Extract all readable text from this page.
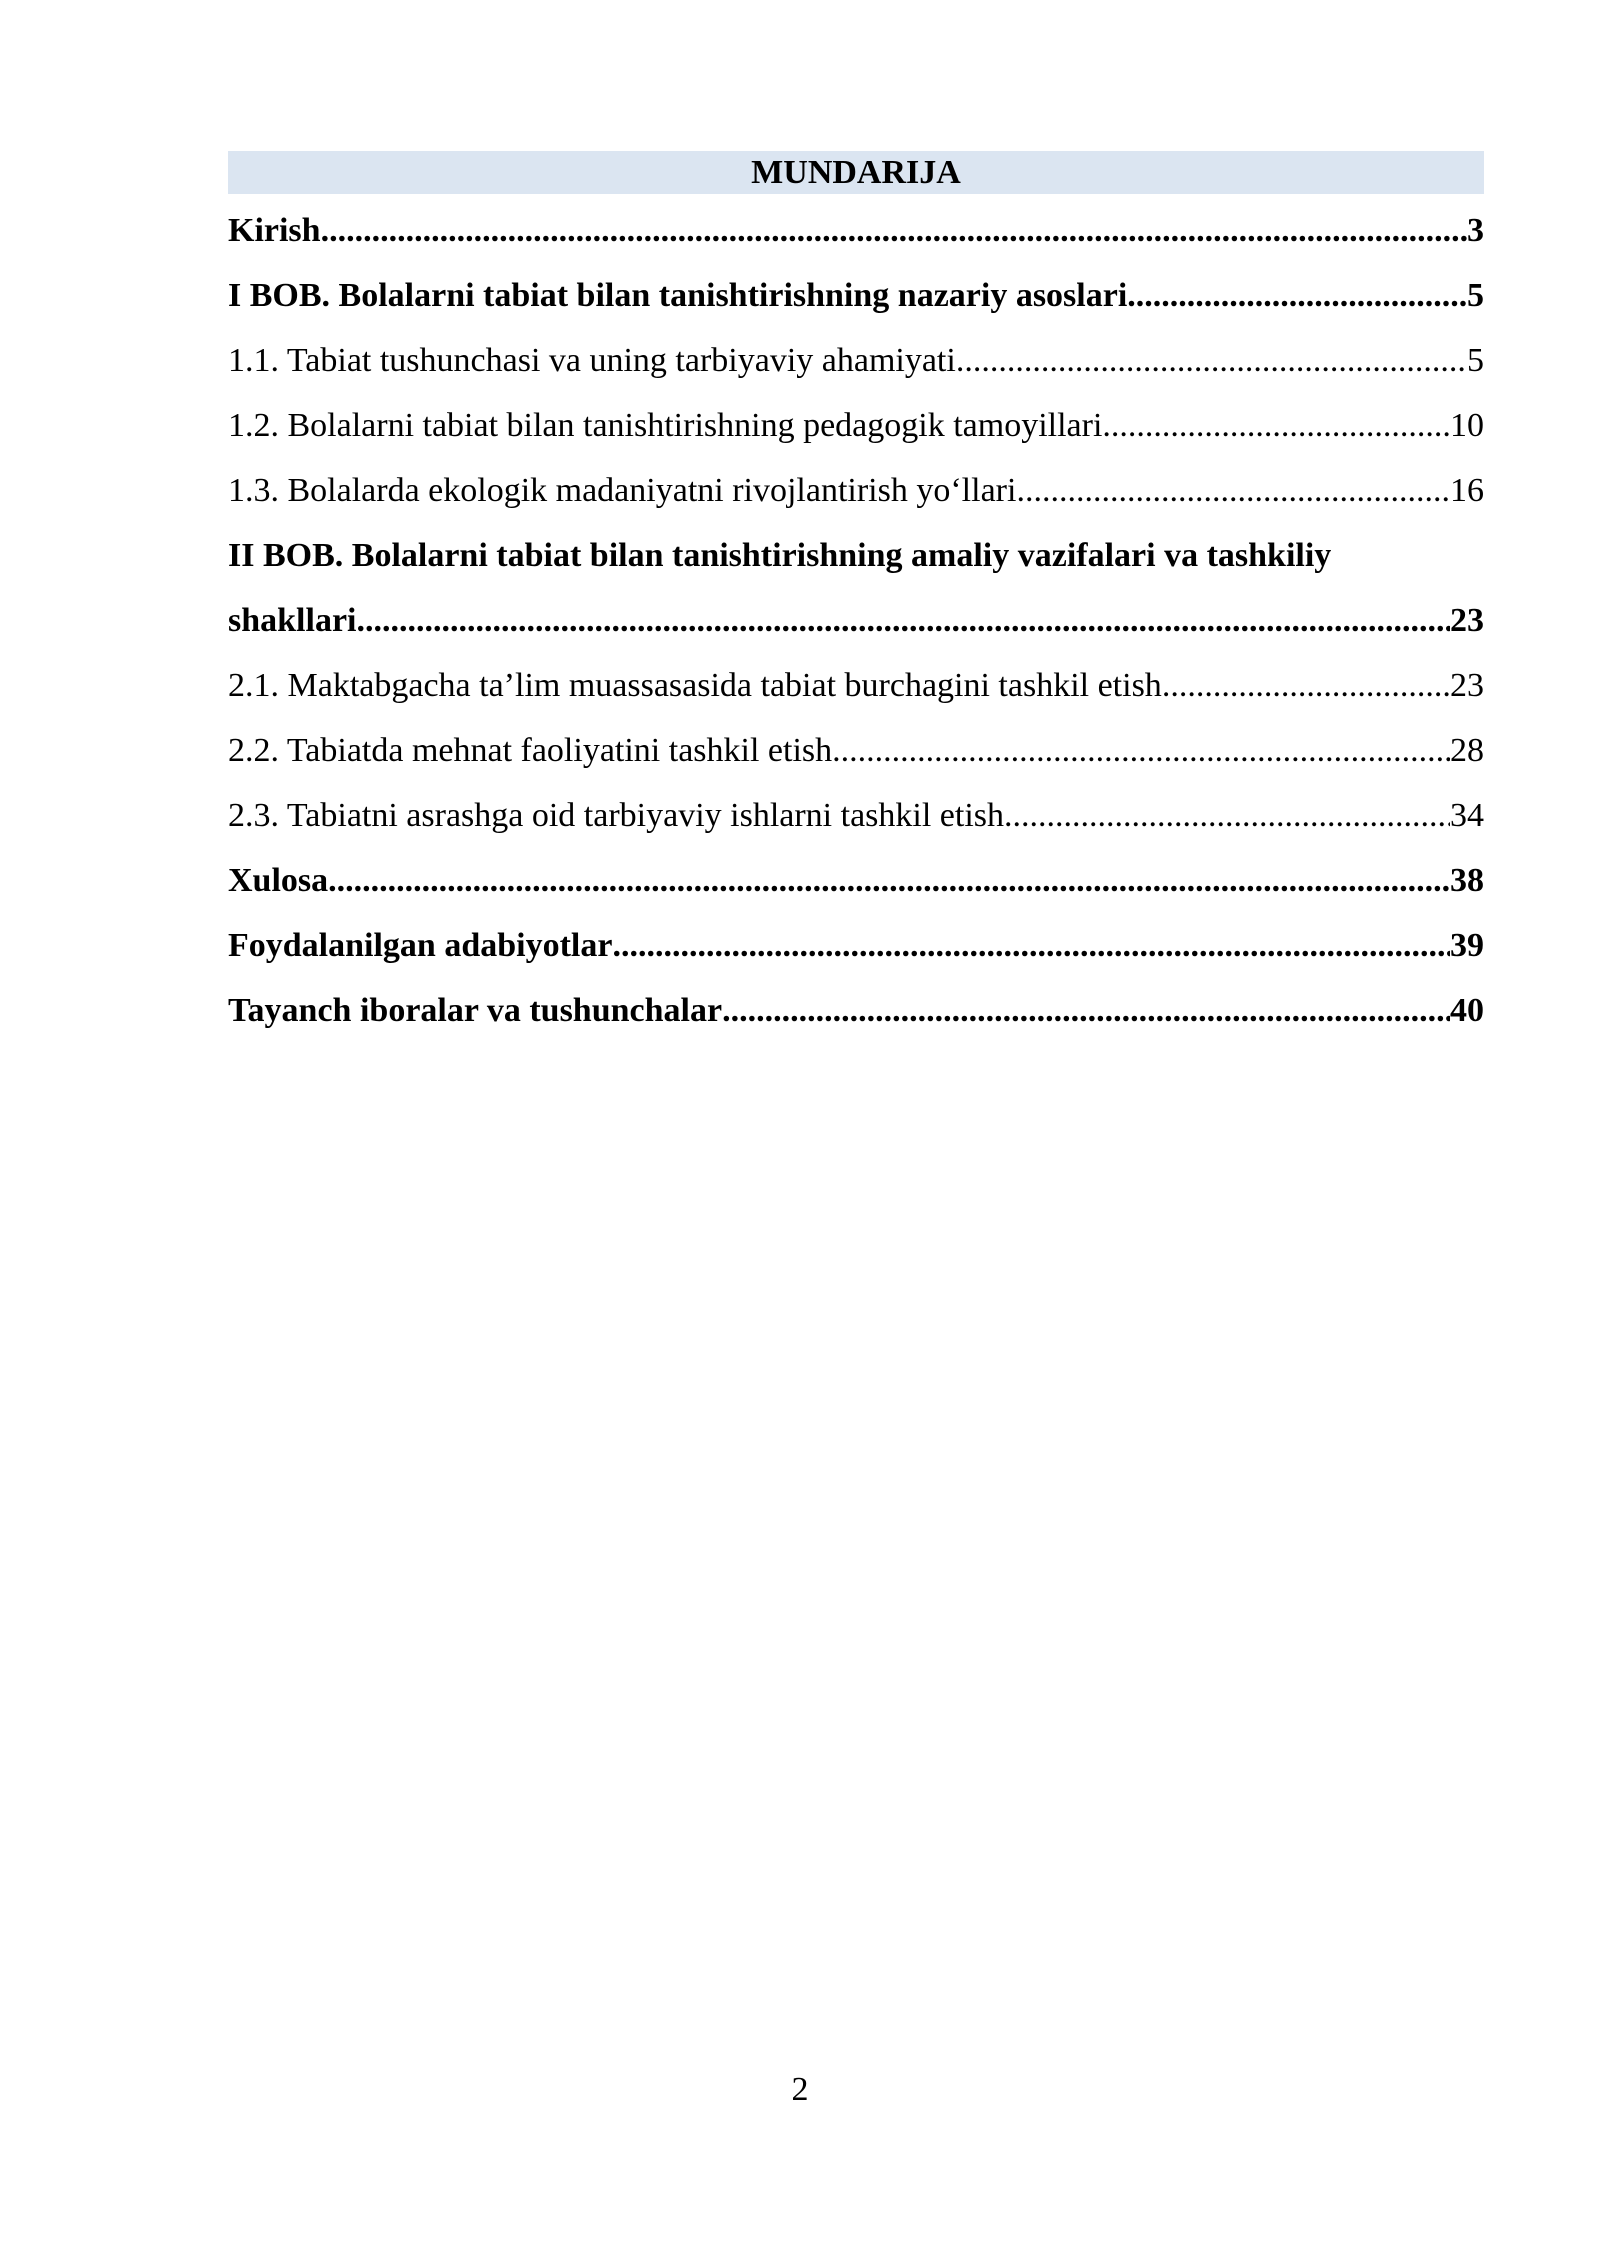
MUNDARIJA
Kirish .....	3
I BOB. Bolalarni tabiat bilan tanishtirishning nazariy asoslari .....	5
1.1. Tabiat tushunchasi va uning tarbiyaviy ahamiyati .....	5
1.2. Bolalarni tabiat bilan tanishtirishning pedagogik tamoyillari .....	10
1.3. Bolalarda ekologik madaniyatni rivojlantirish yo‘llari .....	16
II BOB. Bolalarni tabiat bilan tanishtirishning amaliy vazifalari va tashkiliy
shakllari .....	23
2.1. Maktabgacha ta’lim muassasasida tabiat burchagini tashkil etish .....	23
2.2. Tabiatda mehnat faoliyatini tashkil etish .....	28
2.3. Tabiatni asrashga oid tarbiyaviy ishlarni tashkil etish .....	34
Xulosa .....	38
Foydalanilgan adabiyotlar .....	39
Tayanch iboralar va tushunchalar .....	40
2
